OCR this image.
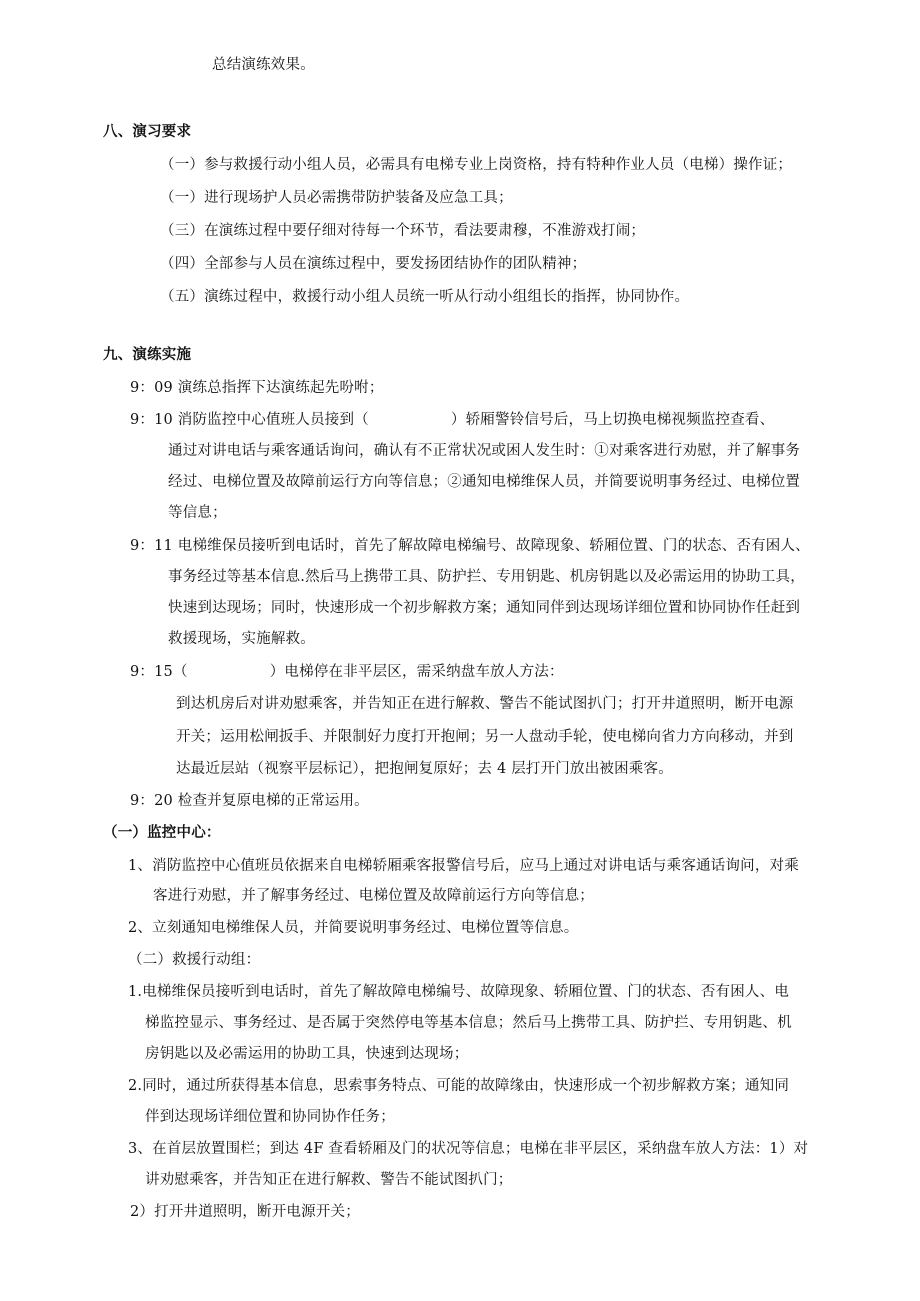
总结演练效果。
八、演习要求
（一）参与救援行动小组人员，必需具有电梯专业上岗资格，持有特种作业人员（电梯）操作证；
（一）进行现场护人员必需携带防护装备及应急工具；
（三）在演练过程中要仔细对待每一个环节，看法要肃穆，不准游戏打闹；
（四）全部参与人员在演练过程中，要发扬团结协作的团队精神；
（五）演练过程中，救援行动小组人员统一听从行动小组组长的指挥，协同协作。
九、演练实施
9：09 演练总指挥下达演练起先吩咐；
9：10 消防监控中心值班人员接到（	）轿厢警铃信号后，马上切换电梯视频监控查看、
通过对讲电话与乘客通话询问，确认有不正常状况或困人发生时：①对乘客进行劝慰，并了解事务
经过、电梯位置及故障前运行方向等信息；②通知电梯维保人员，并简要说明事务经过、电梯位置
等信息；
9：11 电梯维保员接听到电话时，首先了解故障电梯编号、故障现象、轿厢位置、门的状态、否有困人、
事务经过等基本信息.然后马上携带工具、防护拦、专用钥匙、机房钥匙以及必需运用的协助工具，
快速到达现场；同时，快速形成一个初步解救方案；通知同伴到达现场详细位置和协同协作任赶到
救援现场，实施解救。
9：15（	）电梯停在非平层区，需采纳盘车放人方法：
到达机房后对讲劝慰乘客，并告知正在进行解救、警告不能试图扒门；打开井道照明，断开电源
开关；运用松闸扳手、并限制好力度打开抱闸；另一人盘动手轮，使电梯向省力方向移动，并到
达最近层站（视察平层标记），把抱闸复原好；去 4 层打开门放出被困乘客。
9：20 检查并复原电梯的正常运用。
（一）监控中心：
1、消防监控中心值班员依据来自电梯轿厢乘客报警信号后，应马上通过对讲电话与乘客通话询问，对乘
客进行劝慰，并了解事务经过、电梯位置及故障前运行方向等信息；
2、立刻通知电梯维保人员，并简要说明事务经过、电梯位置等信息。
（二）救援行动组：
1.电梯维保员接听到电话时，首先了解故障电梯编号、故障现象、轿厢位置、门的状态、否有困人、电
梯监控显示、事务经过、是否属于突然停电等基本信息；然后马上携带工具、防护拦、专用钥匙、机
房钥匙以及必需运用的协助工具，快速到达现场；
2.同时，通过所获得基本信息，思索事务特点、可能的故障缘由，快速形成一个初步解救方案；通知同
伴到达现场详细位置和协同协作任务；
3、在首层放置围栏；到达 4F 查看轿厢及门的状况等信息；电梯在非平层区，采纳盘车放人方法：1）对
讲劝慰乘客，并告知正在进行解救、警告不能试图扒门；
2）打开井道照明，断开电源开关；
